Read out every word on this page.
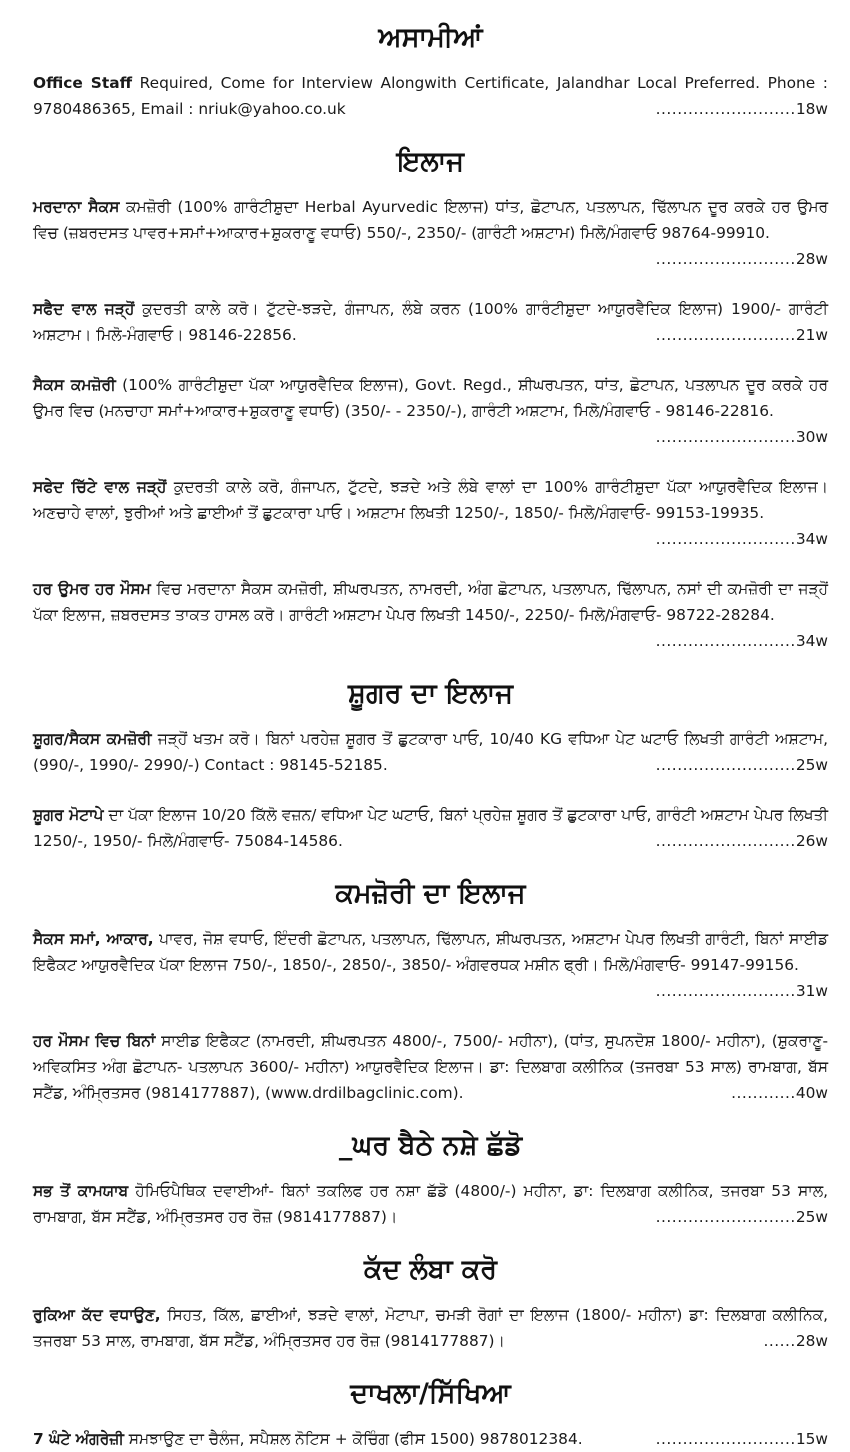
ਅਸਾਮੀਆਂ
Office Staff Required, Come for Interview Alongwith Certificate, Jalandhar Local Preferred. Phone : 9780486365, Email : nriuk@yahoo.co.uk	..........................18w
ਇਲਾਜ
ਮਰਦਾਨਾ ਸੈਕਸ ਕਮਜ਼ੋਰੀ (100% ਗਾਰੰਟੀਸ਼ੁਦਾ Herbal Ayurvedic ਇਲਾਜ) ਧਾਂਤ, ਛੋਟਾਪਨ, ਪਤਲਾਪਨ, ਢਿੱਲਾਪਨ ਦੂਰ ਕਰਕੇ ਹਰ ਉਮਰ ਵਿਚ (ਜ਼ਬਰਦਸਤ ਪਾਵਰ+ਸਮਾਂ+ਆਕਾਰ+ਸ਼ੁਕਰਾਣੂ ਵਧਾਓ) 550/-, 2350/- (ਗਾਰੰਟੀ ਅਸ਼ਟਾਮ) ਮਿਲੋ/ਮੰਗਵਾਓ 98764-99910.
..........................28w
ਸਫੈਦ ਵਾਲ ਜੜ੍ਹੋਂ ਕੁਦਰਤੀ ਕਾਲੇ ਕਰੋ। ਟੁੱਟਦੇ-ਝੜਦੇ, ਗੰਜਾਪਨ, ਲੰਬੇ ਕਰਨ (100% ਗਾਰੰਟੀਸ਼ੁਦਾ ਆਯੁਰਵੈਦਿਕ ਇਲਾਜ) 1900/- ਗਾਰੰਟੀ ਅਸ਼ਟਾਮ। ਮਿਲੋ-ਮੰਗਵਾਓ। 98146-22856.	..........................21w
ਸੈਕਸ ਕਮਜ਼ੋਰੀ (100% ਗਾਰੰਟੀਸ਼ੁਦਾ ਪੱਕਾ ਆਯੁਰਵੈਦਿਕ ਇਲਾਜ), Govt. Regd., ਸ਼ੀਘਰਪਤਨ, ਧਾਂਤ, ਛੋਟਾਪਨ, ਪਤਲਾਪਨ ਦੂਰ ਕਰਕੇ ਹਰ ਉਮਰ ਵਿਚ (ਮਨਚਾਹਾ ਸਮਾਂ+ਆਕਾਰ+ਸ਼ੁਕਰਾਣੂ ਵਧਾਓ) (350/- - 2350/-), ਗਾਰੰਟੀ ਅਸ਼ਟਾਮ, ਮਿਲੋ/ਮੰਗਵਾਓ - 98146-22816.
..........................30w
ਸਫੇਦ ਚਿੱਟੇ ਵਾਲ ਜੜ੍ਹੋਂ ਕੁਦਰਤੀ ਕਾਲੇ ਕਰੋ, ਗੰਜਾਪਨ, ਟੁੱਟਦੇ, ਝੜਦੇ ਅਤੇ ਲੰਬੇ ਵਾਲਾਂ ਦਾ 100% ਗਾਰੰਟੀਸ਼ੁਦਾ ਪੱਕਾ ਆਯੁਰਵੈਦਿਕ ਇਲਾਜ। ਅਣਚਾਹੇ ਵਾਲਾਂ, ਝੁਰੀਆਂ ਅਤੇ ਛਾਈਆਂ ਤੋਂ ਛੁਟਕਾਰਾ ਪਾਓ। ਅਸ਼ਟਾਮ ਲਿਖਤੀ 1250/-, 1850/- ਮਿਲੋ/ਮੰਗਵਾਓ- 99153-19935.
..........................34w
ਹਰ ਉਮਰ ਹਰ ਮੌਸਮ ਵਿਚ ਮਰਦਾਨਾ ਸੈਕਸ ਕਮਜ਼ੋਰੀ, ਸ਼ੀਘਰਪਤਨ, ਨਾਮਰਦੀ, ਅੰਗ ਛੋਟਾਪਨ, ਪਤਲਾਪਨ, ਢਿੱਲਾਪਨ, ਨਸਾਂ ਦੀ ਕਮਜ਼ੋਰੀ ਦਾ ਜੜ੍ਹੋਂ ਪੱਕਾ ਇਲਾਜ, ਜ਼ਬਰਦਸਤ ਤਾਕਤ ਹਾਸਲ ਕਰੋ। ਗਾਰੰਟੀ ਅਸ਼ਟਾਮ ਪੇਪਰ ਲਿਖਤੀ 1450/-, 2250/- ਮਿਲੋ/ਮੰਗਵਾਓ- 98722-28284.
..........................34w
ਸ਼ੂਗਰ ਦਾ ਇਲਾਜ
ਸ਼ੂਗਰ/ਸੈਕਸ ਕਮਜ਼ੋਰੀ ਜੜ੍ਹੋਂ ਖਤਮ ਕਰੋ। ਬਿਨਾਂ ਪਰਹੇਜ਼ ਸ਼ੂਗਰ ਤੋਂ ਛੁਟਕਾਰਾ ਪਾਓ, 10/40 KG ਵਧਿਆ ਪੇਟ ਘਟਾਓ ਲਿਖਤੀ ਗਾਰੰਟੀ ਅਸ਼ਟਾਮ, (990/-, 1990/- 2990/-) Contact : 98145-52185.	..........................25w
ਸ਼ੂਗਰ ਮੋਟਾਪੇ ਦਾ ਪੱਕਾ ਇਲਾਜ 10/20 ਕਿੱਲੋ ਵਜ਼ਨ/ ਵਧਿਆ ਪੇਟ ਘਟਾਓ, ਬਿਨਾਂ ਪ੍ਰਹੇਜ਼ ਸ਼ੂਗਰ ਤੋਂ ਛੁਟਕਾਰਾ ਪਾਓ, ਗਾਰੰਟੀ ਅਸ਼ਟਾਮ ਪੇਪਰ ਲਿਖਤੀ 1250/-, 1950/- ਮਿਲੋ/ਮੰਗਵਾਓ- 75084-14586.	..........................26w
ਕਮਜ਼ੋਰੀ ਦਾ ਇਲਾਜ
ਸੈਕਸ ਸਮਾਂ, ਆਕਾਰ, ਪਾਵਰ, ਜੋਸ਼ ਵਧਾਓ, ਇੰਦਰੀ ਛੋਟਾਪਨ, ਪਤਲਾਪਨ, ਢਿੱਲਾਪਨ, ਸ਼ੀਘਰਪਤਨ, ਅਸ਼ਟਾਮ ਪੇਪਰ ਲਿਖਤੀ ਗਾਰੰਟੀ, ਬਿਨਾਂ ਸਾਈਡ ਇਫੈਕਟ ਆਯੁਰਵੈਦਿਕ ਪੱਕਾ ਇਲਾਜ 750/-, 1850/-, 2850/-, 3850/- ਅੰਗਵਰਧਕ ਮਸ਼ੀਨ ਫ੍ਰੀ। ਮਿਲੋ/ਮੰਗਵਾਓ- 99147-99156.
..........................31w
ਹਰ ਮੌਸਮ ਵਿਚ ਬਿਨਾਂ ਸਾਈਡ ਇਫੈਕਟ (ਨਾਮਰਦੀ, ਸ਼ੀਘਰਪਤਨ 4800/-, 7500/- ਮਹੀਨਾ), (ਧਾਂਤ, ਸੁਪਨਦੋਸ਼ 1800/- ਮਹੀਨਾ), (ਸ਼ੁਕਰਾਣੂ-ਅਵਿਕਸਿਤ ਅੰਗ ਛੋਟਾਪਨ- ਪਤਲਾਪਨ 3600/- ਮਹੀਨਾ) ਆਯੁਰਵੈਦਿਕ ਇਲਾਜ। ਡਾ: ਦਿਲਬਾਗ ਕਲੀਨਿਕ (ਤਜਰਬਾ 53 ਸਾਲ) ਰਾਮਬਾਗ, ਬੱਸ ਸਟੈਂਡ, ਅੰਮ੍ਰਿਤਸਰ (9814177887), (www.drdilbagclinic.com).	............40w
_ਘਰ ਬੈਠੇ ਨਸ਼ੇ ਛੱਡੋ
ਸਭ ਤੋਂ ਕਾਮਯਾਬ ਹੋਮਿਓਪੈਥਿਕ ਦਵਾਈਆਂ- ਬਿਨਾਂ ਤਕਲਿਫ ਹਰ ਨਸ਼ਾ ਛੱਡੋ (4800/-) ਮਹੀਨਾ, ਡਾ: ਦਿਲਬਾਗ ਕਲੀਨਿਕ, ਤਜਰਬਾ 53 ਸਾਲ, ਰਾਮਬਾਗ, ਬੱਸ ਸਟੈਂਡ, ਅੰਮ੍ਰਿਤਸਰ ਹਰ ਰੋਜ਼ (9814177887)।	..........................25w
ਕੱਦ ਲੰਬਾ ਕਰੋ
ਰੁਕਿਆ ਕੱਦ ਵਧਾਉਣ, ਸਿਹਤ, ਕਿੱਲ, ਛਾਈਆਂ, ਝੜਦੇ ਵਾਲਾਂ, ਮੋਟਾਪਾ, ਚਮੜੀ ਰੋਗਾਂ ਦਾ ਇਲਾਜ (1800/- ਮਹੀਨਾ) ਡਾ: ਦਿਲਬਾਗ ਕਲੀਨਿਕ, ਤਜਰਬਾ 53 ਸਾਲ, ਰਾਮਬਾਗ, ਬੱਸ ਸਟੈਂਡ, ਅੰਮ੍ਰਿਤਸਰ ਹਰ ਰੋਜ਼ (9814177887)।	......28w
ਦਾਖਲਾ/ਸਿੱਖਿਆ
7 ਘੰਟੇ ਅੰਗਰੇਜ਼ੀ ਸਮਝਾਉਣ ਦਾ ਚੈਲੰਜ, ਸਪੈਸ਼ਲ ਨੋਟਿਸ + ਕੋਚਿੰਗ (ਫੀਸ 1500) 9878012384.	..........................15w
